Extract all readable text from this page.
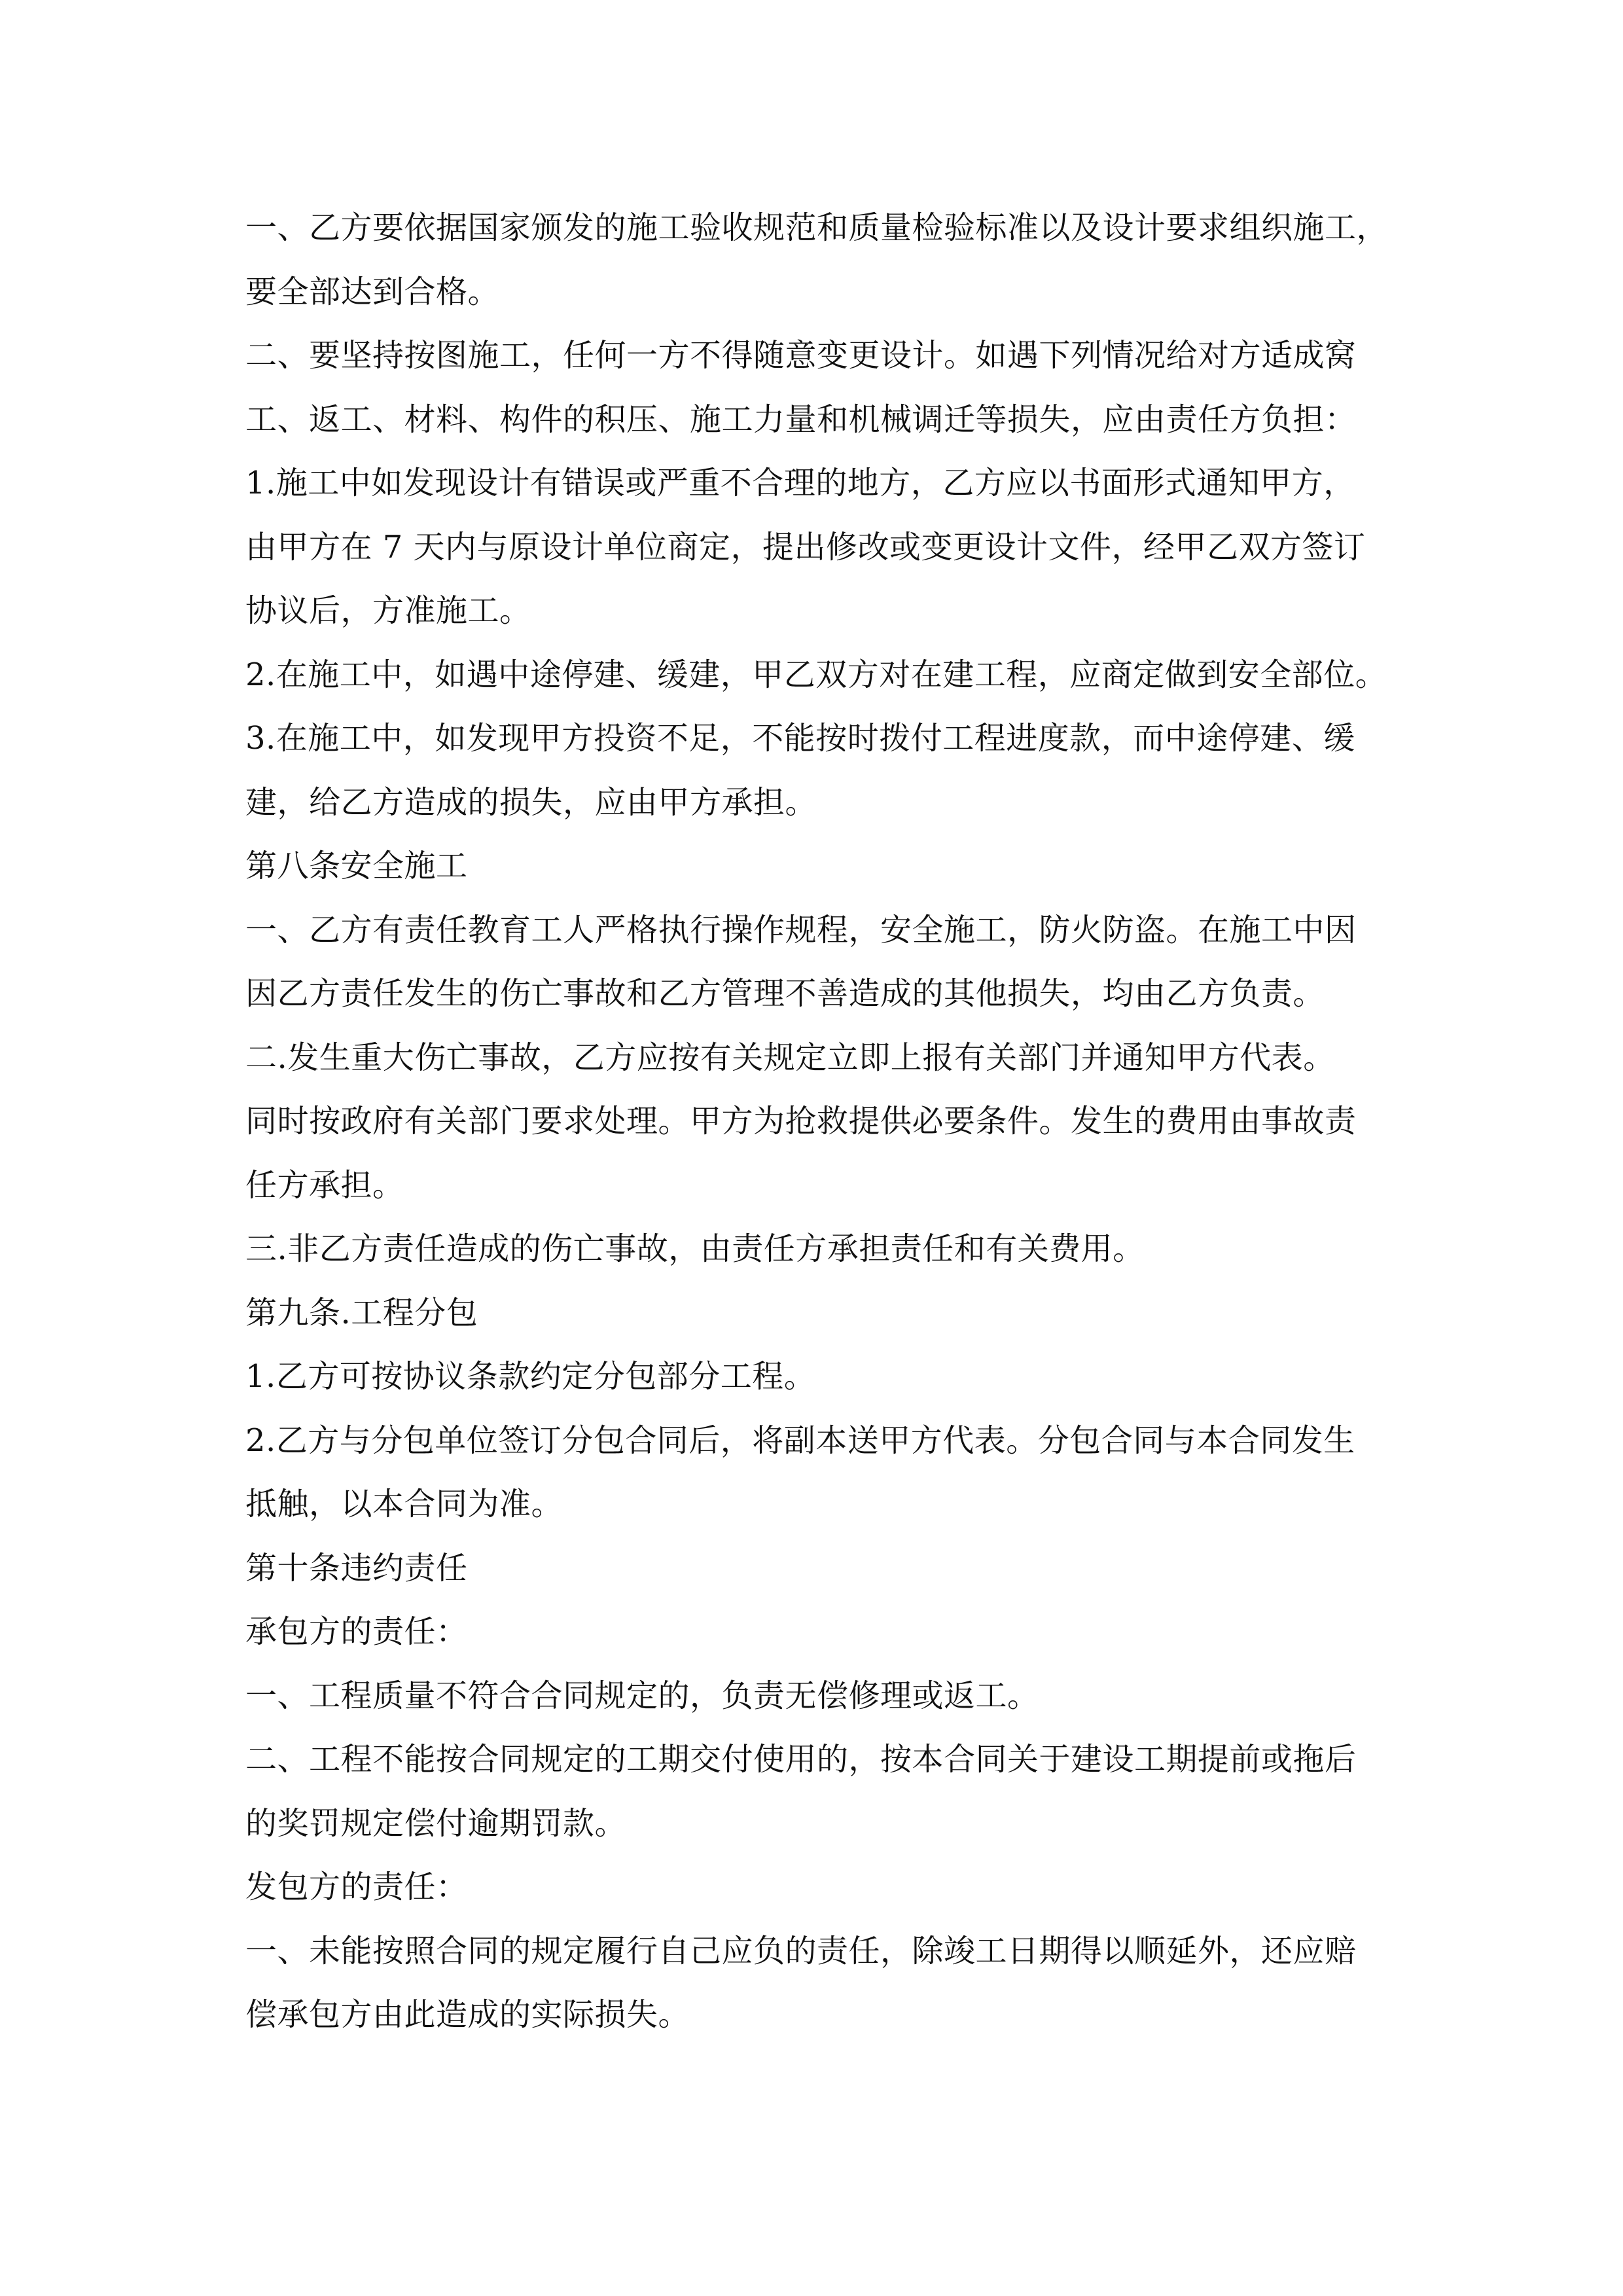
一、乙方要依据国家颁发的施工验收规范和质量检验标准以及设计要求组织施工，
要全部达到合格。
二、要坚持按图施工，任何一方不得随意变更设计。如遇下列情况给对方适成窝
工、返工、材料、构件的积压、施工力量和机械调迁等损失，应由责任方负担：
1.施工中如发现设计有错误或严重不合理的地方，乙方应以书面形式通知甲方，
由甲方在 7 天内与原设计单位商定，提出修改或变更设计文件，经甲乙双方签订
协议后，方准施工。
2.在施工中，如遇中途停建、缓建，甲乙双方对在建工程，应商定做到安全部位。
3.在施工中，如发现甲方投资不足，不能按时拨付工程进度款，而中途停建、缓
建，给乙方造成的损失，应由甲方承担。
第八条安全施工
一、乙方有责任教育工人严格执行操作规程，安全施工，防火防盗。在施工中因
因乙方责任发生的伤亡事故和乙方管理不善造成的其他损失，均由乙方负责。
二.发生重大伤亡事故，乙方应按有关规定立即上报有关部门并通知甲方代表。
同时按政府有关部门要求处理。甲方为抢救提供必要条件。发生的费用由事故责
任方承担。
三.非乙方责任造成的伤亡事故，由责任方承担责任和有关费用。
第九条.工程分包
1.乙方可按协议条款约定分包部分工程。
2.乙方与分包单位签订分包合同后，将副本送甲方代表。分包合同与本合同发生
抵触，以本合同为准。
第十条违约责任
承包方的责任：
一、工程质量不符合合同规定的，负责无偿修理或返工。
二、工程不能按合同规定的工期交付使用的，按本合同关于建设工期提前或拖后
的奖罚规定偿付逾期罚款。
发包方的责任：
一、未能按照合同的规定履行自己应负的责任，除竣工日期得以顺延外，还应赔
偿承包方由此造成的实际损失。
